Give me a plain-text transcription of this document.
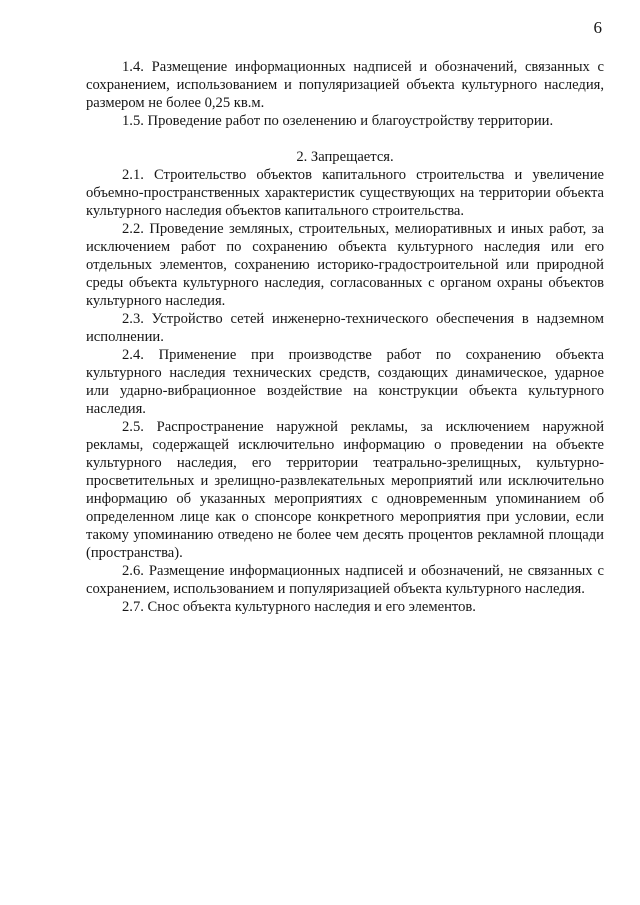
6

1.4. Размещение информационных надписей и обозначений, связанных с сохранением, использованием и популяризацией объекта культурного наследия, размером не более 0,25 кв.м.

1.5. Проведение работ по озеленению и благоустройству территории.

2. Запрещается.

2.1. Строительство объектов капитального строительства и увеличение объемно-пространственных характеристик существующих на территории объекта культурного наследия объектов капитального строительства.

2.2. Проведение земляных, строительных, мелиоративных и иных работ, за исключением работ по сохранению объекта культурного наследия или его отдельных элементов, сохранению историко-градостроительной или природной среды объекта культурного наследия, согласованных с органом охраны объектов культурного наследия.

2.3. Устройство сетей инженерно-технического обеспечения в надземном исполнении.

2.4. Применение при производстве работ по сохранению объекта культурного наследия технических средств, создающих динамическое, ударное или ударно-вибрационное воздействие на конструкции объекта культурного наследия.

2.5. Распространение наружной рекламы, за исключением наружной рекламы, содержащей исключительно информацию о проведении на объекте культурного наследия, его территории театрально-зрелищных, культурно-просветительных и зрелищно-развлекательных мероприятий или исключительно информацию об указанных мероприятиях с одновременным упоминанием об определенном лице как о спонсоре конкретного мероприятия при условии, если такому упоминанию отведено не более чем десять процентов рекламной площади (пространства).

2.6. Размещение информационных надписей и обозначений, не связанных с сохранением, использованием и популяризацией объекта культурного наследия.

2.7. Снос объекта культурного наследия и его элементов.
